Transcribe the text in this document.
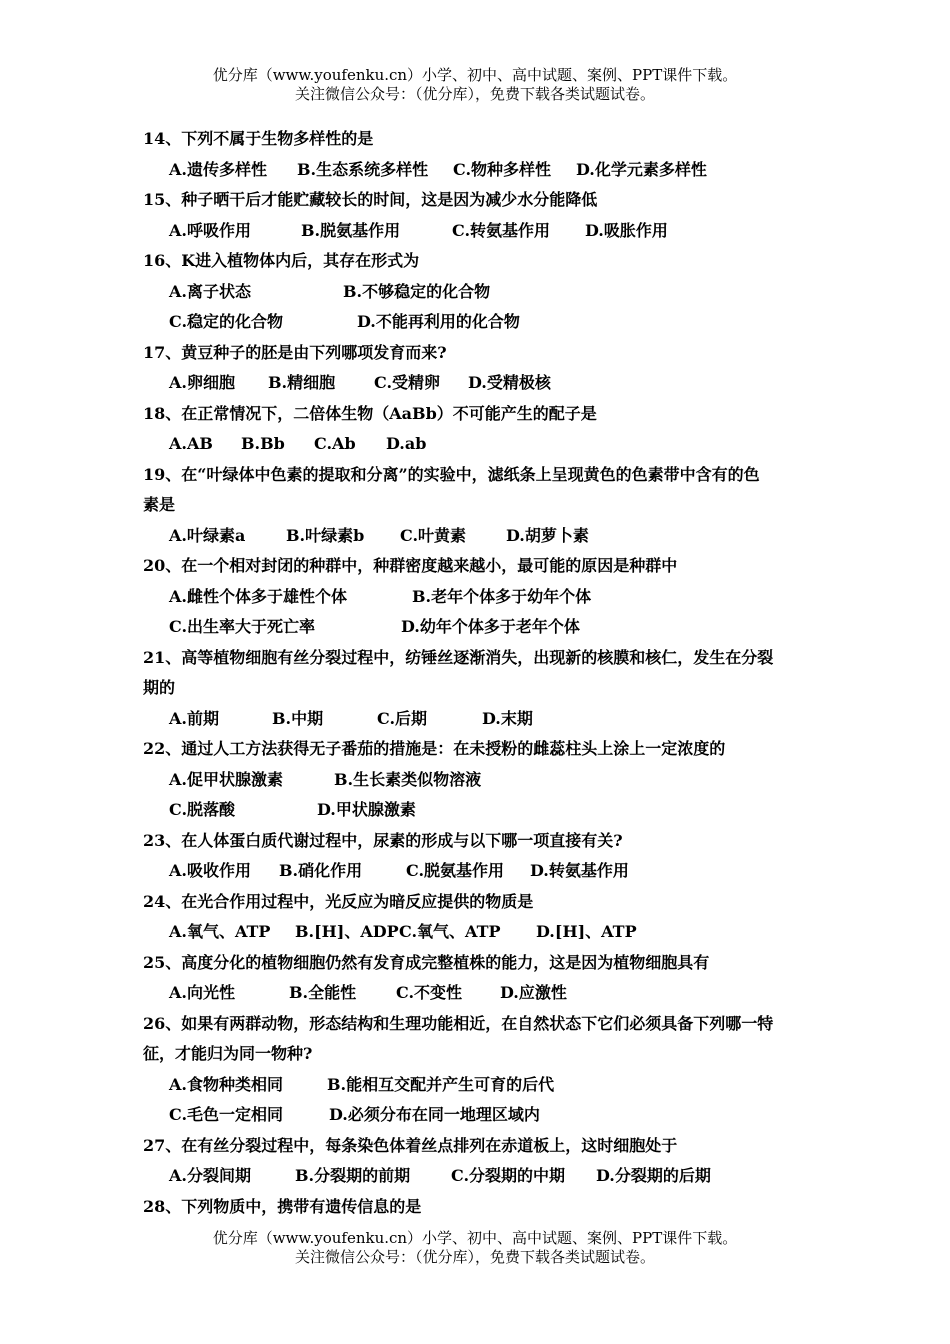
优分库（www.youfenku.cn）小学、初中、高中试题、案例、PPT课件下载。
关注微信公众号：（优分库），免费下载各类试题试卷。
14、下列不属于生物多样性的是
A.遗传多样性 B.生态系统多样性 C.物种多样性 D.化学元素多样性
15、种子晒干后才能贮藏较长的时间，这是因为减少水分能降低
A.呼吸作用	B.脱氨基作用	C.转氨基作用 D.吸胀作用
16、K进入植物体内后，其存在形式为
A.离子状态	B.不够稳定的化合物
C.稳定的化合物	D.不能再利用的化合物
17、黄豆种子的胚是由下列哪项发育而来?
A.卵细胞 B.精细胞 C.受精卵 D.受精极核
18、在正常情况下，二倍体生物（AaBb）不可能产生的配子是
A.AB B.Bb C.Ab D.ab
19、在“叶绿体中色素的提取和分离”的实验中，滤纸条上呈现黄色的色素带中含有的色
素是
A.叶绿素a	B.叶绿素b C.叶黄素 D.胡萝卜素
20、在一个相对封闭的种群中，种群密度越来越小，最可能的原因是种群中
A.雌性个体多于雄性个体	B.老年个体多于幼年个体
C.出生率大于死亡率	D.幼年个体多于老年个体
21、高等植物细胞有丝分裂过程中，纺锤丝逐渐消失，出现新的核膜和核仁，发生在分裂
期的
A.前期	B.中期	C.后期	D.末期
22、通过人工方法获得无子番茄的措施是：在未授粉的雌蕊柱头上涂上一定浓度的
A.促甲状腺激素	B.生长素类似物溶液
C.脱落酸	D.甲状腺激素
23、在人体蛋白质代谢过程中，尿素的形成与以下哪一项直接有关?
A.吸收作用 B.硝化作用	C.脱氨基作用 D.转氨基作用
24、在光合作用过程中，光反应为暗反应提供的物质是
A.氧气、ATP B.[H]、ADP C.氧气、ATP D.[H]、ATP
25、高度分化的植物细胞仍然有发育成完整植株的能力，这是因为植物细胞具有
A.向光性	B.全能性 C.不变性 D.应激性
26、如果有两群动物，形态结构和生理功能相近，在自然状态下它们必须具备下列哪一特
征，才能归为同一物种?
A.食物种类相同	B.能相互交配并产生可育的后代
C.毛色一定相同	D.必须分布在同一地理区域内
27、在有丝分裂过程中，每条染色体着丝点排列在赤道板上，这时细胞处于
A.分裂间期	B.分裂期的前期	C.分裂期的中期 D.分裂期的后期
28、下列物质中，携带有遗传信息的是
优分库（www.youfenku.cn）小学、初中、高中试题、案例、PPT课件下载。
关注微信公众号：（优分库），免费下载各类试题试卷。
